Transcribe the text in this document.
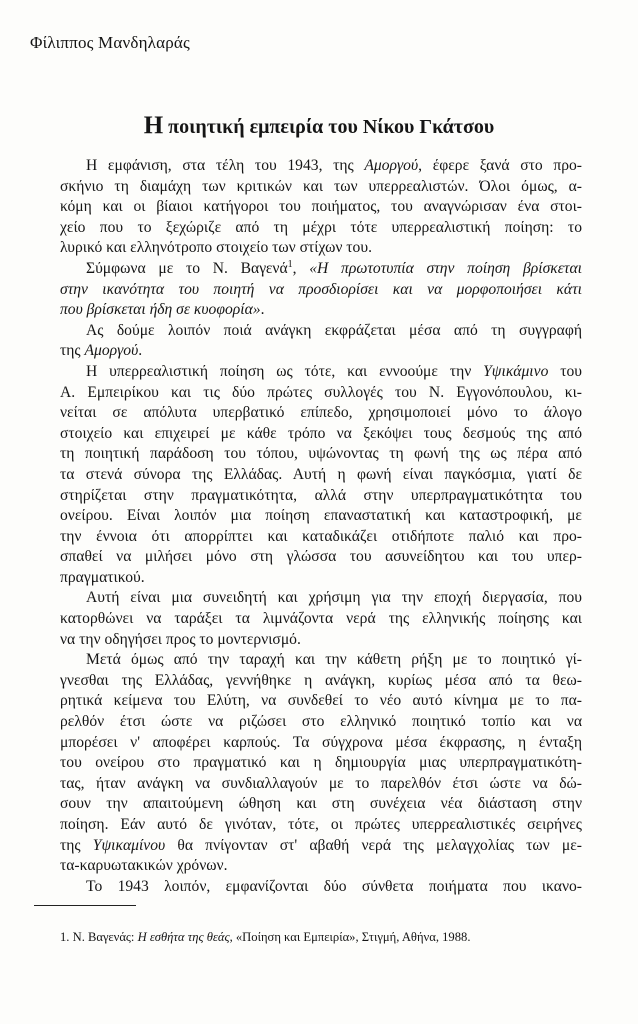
Φίλιππος Μανδηλαράς
Η ποιητική εμπειρία του Νίκου Γκάτσου

Η εμφάνιση, στα τέλη του 1943, της Αμοργού, έφερε ξανά στο προ-
σκήνιο τη διαμάχη των κριτικών και των υπερρεαλιστών. Όλοι όμως, α-
κόμη και οι βίαιοι κατήγοροι του ποιήματος, του αναγνώρισαν ένα στοι-
χείο που το ξεχώριζε από τη μέχρι τότε υπερρεαλιστική ποίηση: το
λυρικό και ελληνότροπο στοιχείο των στίχων του.

Σύμφωνα με το Ν. Βαγενά$^1$, «Η πρωτοτυπία στην ποίηση βρίσκεται
στην ικανότητα του ποιητή να προσδιορίσει και να μορφοποιήσει κάτι
που βρίσκεται ήδη σε κυοφορία».

Ας δούμε λοιπόν ποιά ανάγκη εκφράζεται μέσα από τη συγγραφή
της Αμοργού.

Η υπερρεαλιστική ποίηση ως τότε, και εννοούμε την Υψικάμινο του
Α. Εμπειρίκου και τις δύο πρώτες συλλογές του Ν. Εγγονόπουλου, κι-
νείται σε απόλυτα υπερβατικό επίπεδο, χρησιμοποιεί μόνο το άλογο
στοιχείο και επιχειρεί με κάθε τρόπο να ξεκόψει τους δεσμούς της από
τη ποιητική παράδοση του τόπου, υψώνοντας τη φωνή της ως πέρα από
τα στενά σύνορα της Ελλάδας. Αυτή η φωνή είναι παγκόσμια, γιατί δε
στηρίζεται στην πραγματικότητα, αλλά στην υπερπραγματικότητα του
ονείρου. Είναι λοιπόν μια ποίηση επαναστατική και καταστροφική, με
την έννοια ότι απορρίπτει και καταδικάζει οτιδήποτε παλιό και προ-
σπαθεί να μιλήσει μόνο στη γλώσσα του ασυνείδητου και του υπερ-
πραγματικού.

Αυτή είναι μια συνειδητή και χρήσιμη για την εποχή διεργασία, που
κατορθώνει να ταράξει τα λιμνάζοντα νερά της ελληνικής ποίησης και
να την οδηγήσει προς το μοντερνισμό.

Μετά όμως από την ταραχή και την κάθετη ρήξη με το ποιητικό γί-
γνεσθαι της Ελλάδας, γεννήθηκε η ανάγκη, κυρίως μέσα από τα θεω-
ρητικά κείμενα του Ελύτη, να συνδεθεί το νέο αυτό κίνημα με το πα-
ρελθόν έτσι ώστε να ριζώσει στο ελληνικό ποιητικό τοπίο και να
μπορέσει ν' αποφέρει καρπούς. Τα σύγχρονα μέσα έκφρασης, η ένταξη
του ονείρου στο πραγματικό και η δημιουργία μιας υπερπραγματικότη-
τας, ήταν ανάγκη να συνδιαλλαγούν με το παρελθόν έτσι ώστε να δώ-
σουν την απαιτούμενη ώθηση και στη συνέχεια νέα διάσταση στην
ποίηση. Εάν αυτό δε γινόταν, τότε, οι πρώτες υπερρεαλιστικές σειρήνες
της Υψικαμίνου θα πνίγονταν στ' αβαθή νερά της μελαγχολίας των με-
τα-καρυωτακικών χρόνων.

Το 1943 λοιπόν, εμφανίζονται δύο σύνθετα ποιήματα που ικανο-

1. Ν. Βαγενάς: Η εσθήτα της θεάς, «Ποίηση και Εμπειρία», Στιγμή, Αθήνα, 1988.
